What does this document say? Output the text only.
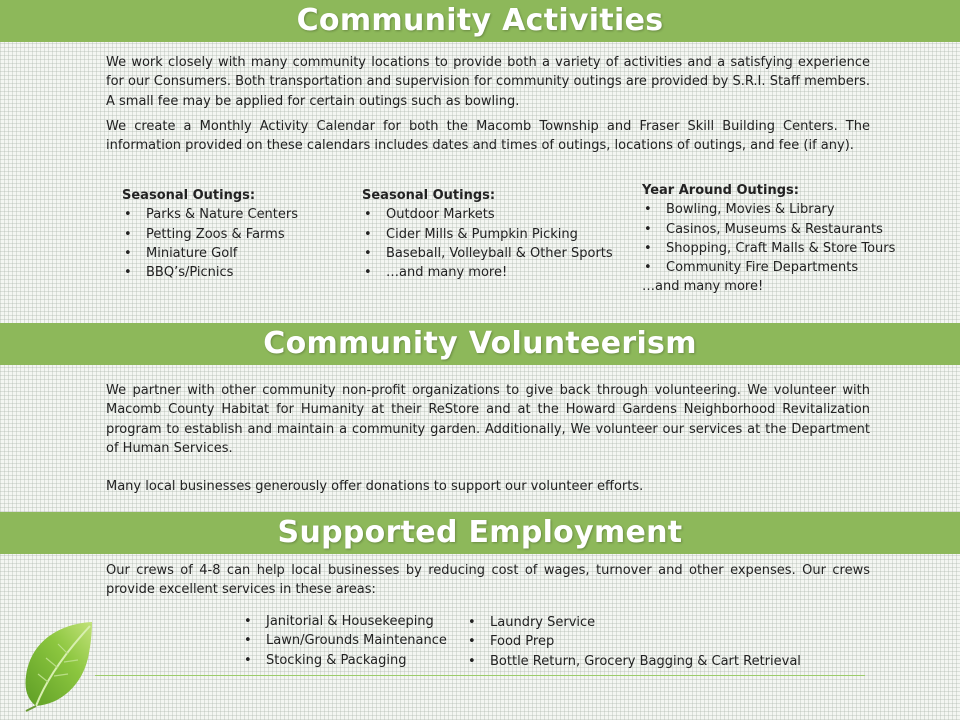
Community Activities

We work closely with many community locations to provide both a variety of activities and a satisfying experience for our Consumers. Both transportation and supervision for community outings are provided by S.R.I. Staff members. A small fee may be applied for certain outings such as bowling.

We create a Monthly Activity Calendar for both the Macomb Township and Fraser Skill Building Centers. The information provided on these calendars includes dates and times of outings, locations of outings, and fee (if any).

Seasonal Outings:
• Parks & Nature Centers
• Petting Zoos & Farms
• Miniature Golf
• BBQ’s/Picnics
Seasonal Outings:
• Outdoor Markets
• Cider Mills & Pumpkin Picking
• Baseball, Volleyball & Other Sports
• …and many more!
Year Around Outings:
• Bowling, Movies & Library
• Casinos, Museums & Restaurants
• Shopping, Craft Malls & Store Tours
• Community Fire Departments
…and many more!
Community Volunteerism

We partner with other community non-profit organizations to give back through volunteering. We volunteer with Macomb County Habitat for Humanity at their ReStore and at the Howard Gardens Neighborhood Revitalization program to establish and maintain a community garden. Additionally, We volunteer our services at the Department of Human Services.

Many local businesses generously offer donations to support our volunteer efforts.

Supported Employment

Our crews of 4-8 can help local businesses by reducing cost of wages, turnover and other expenses. Our crews provide excellent services in these areas:

• Janitorial & Housekeeping
• Lawn/Grounds Maintenance
• Stocking & Packaging
• Laundry Service
• Food Prep
• Bottle Return, Grocery Bagging & Cart Retrieval
